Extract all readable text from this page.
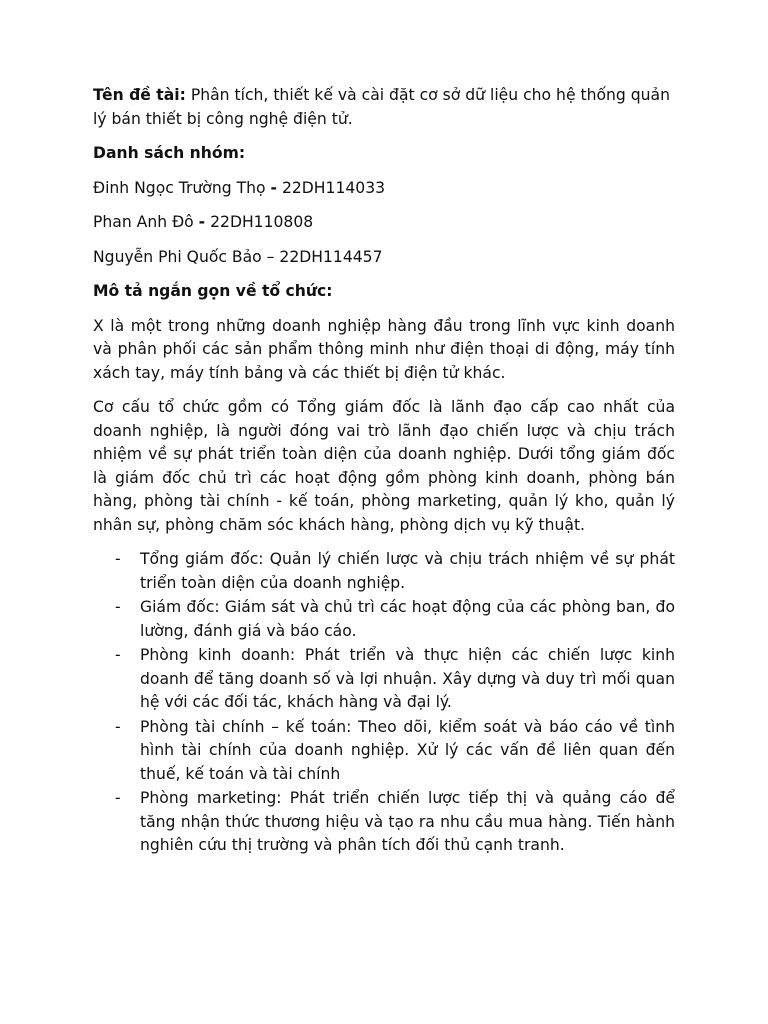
Tên đề tài: Phân tích, thiết kế và cài đặt cơ sở dữ liệu cho hệ thống quản lý bán thiết bị công nghệ điện tử.

Danh sách nhóm:

Đinh Ngọc Trường Thọ - 22DH114033

Phan Anh Đô - 22DH110808

Nguyễn Phi Quốc Bảo – 22DH114457

Mô tả ngắn gọn về tổ chức:

X là một trong những doanh nghiệp hàng đầu trong lĩnh vực kinh doanh và phân phối các sản phẩm thông minh như điện thoại di động, máy tính xách tay, máy tính bảng và các thiết bị điện tử khác.

Cơ cấu tổ chức gồm có Tổng giám đốc là lãnh đạo cấp cao nhất của doanh nghiệp, là người đóng vai trò lãnh đạo chiến lược và chịu trách nhiệm về sự phát triển toàn diện của doanh nghiệp. Dưới tổng giám đốc là giám đốc chủ trì các hoạt động gồm phòng kinh doanh, phòng bán hàng, phòng tài chính - kế toán, phòng marketing, quản lý kho, quản lý nhân sự, phòng chăm sóc khách hàng, phòng dịch vụ kỹ thuật.

- Tổng giám đốc: Quản lý chiến lược và chịu trách nhiệm về sự phát triển toàn diện của doanh nghiệp.
- Giám đốc: Giám sát và chủ trì các hoạt động của các phòng ban, đo lường, đánh giá và báo cáo.
- Phòng kinh doanh: Phát triển và thực hiện các chiến lược kinh doanh để tăng doanh số và lợi nhuận. Xây dựng và duy trì mối quan hệ với các đối tác, khách hàng và đại lý.
- Phòng tài chính – kế toán: Theo dõi, kiểm soát và báo cáo về tình hình tài chính của doanh nghiệp. Xử lý các vấn đề liên quan đến thuế, kế toán và tài chính
- Phòng marketing: Phát triển chiến lược tiếp thị và quảng cáo để tăng nhận thức thương hiệu và tạo ra nhu cầu mua hàng. Tiến hành nghiên cứu thị trường và phân tích đối thủ cạnh tranh.
